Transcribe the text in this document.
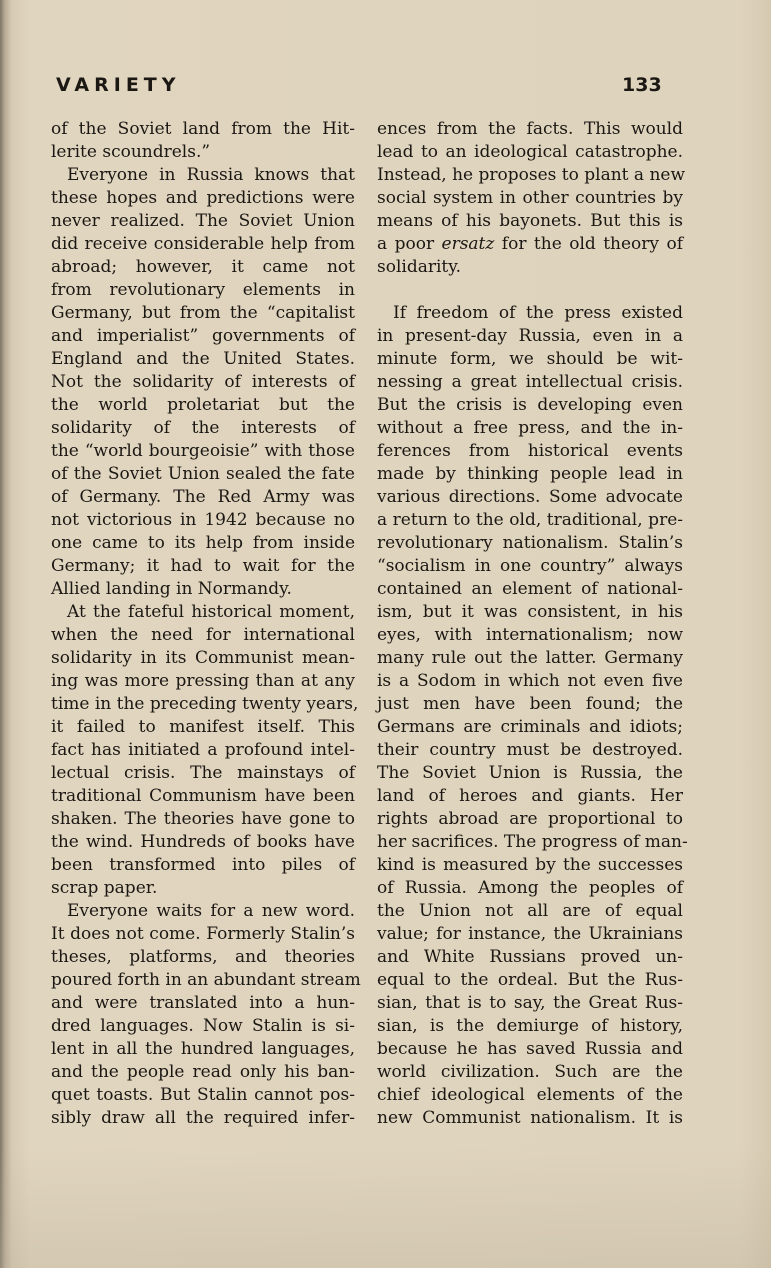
VARIETY	133
of the Soviet land from the Hit-
lerite scoundrels.”
Everyone in Russia knows that
these hopes and predictions were
never realized. The Soviet Union
did receive considerable help from
abroad; however, it came not
from revolutionary elements in
Germany, but from the “capitalist
and imperialist” governments of
England and the United States.
Not the solidarity of interests of
the world proletariat but the
solidarity of the interests of
the “world bourgeoisie” with those
of the Soviet Union sealed the fate
of Germany. The Red Army was
not victorious in 1942 because no
one came to its help from inside
Germany; it had to wait for the
Allied landing in Normandy.
At the fateful historical moment,
when the need for international
solidarity in its Communist mean-
ing was more pressing than at any
time in the preceding twenty years,
it failed to manifest itself. This
fact has initiated a profound intel-
lectual crisis. The mainstays of
traditional Communism have been
shaken. The theories have gone to
the wind. Hundreds of books have
been transformed into piles of
scrap paper.
Everyone waits for a new word.
It does not come. Formerly Stalin’s
theses, platforms, and theories
poured forth in an abundant stream
and were translated into a hun-
dred languages. Now Stalin is si-
lent in all the hundred languages,
and the people read only his ban-
quet toasts. But Stalin cannot pos-
sibly draw all the required infer-
ences from the facts. This would
lead to an ideological catastrophe.
Instead, he proposes to plant a new
social system in other countries by
means of his bayonets. But this is
a poor ersatz for the old theory of
solidarity.
If freedom of the press existed
in present-day Russia, even in a
minute form, we should be wit-
nessing a great intellectual crisis.
But the crisis is developing even
without a free press, and the in-
ferences from historical events
made by thinking people lead in
various directions. Some advocate
a return to the old, traditional, pre-
revolutionary nationalism. Stalin’s
“socialism in one country” always
contained an element of national-
ism, but it was consistent, in his
eyes, with internationalism; now
many rule out the latter. Germany
is a Sodom in which not even five
just men have been found; the
Germans are criminals and idiots;
their country must be destroyed.
The Soviet Union is Russia, the
land of heroes and giants. Her
rights abroad are proportional to
her sacrifices. The progress of man-
kind is measured by the successes
of Russia. Among the peoples of
the Union not all are of equal
value; for instance, the Ukrainians
and White Russians proved un-
equal to the ordeal. But the Rus-
sian, that is to say, the Great Rus-
sian, is the demiurge of history,
because he has saved Russia and
world civilization. Such are the
chief ideological elements of the
new Communist nationalism. It is
